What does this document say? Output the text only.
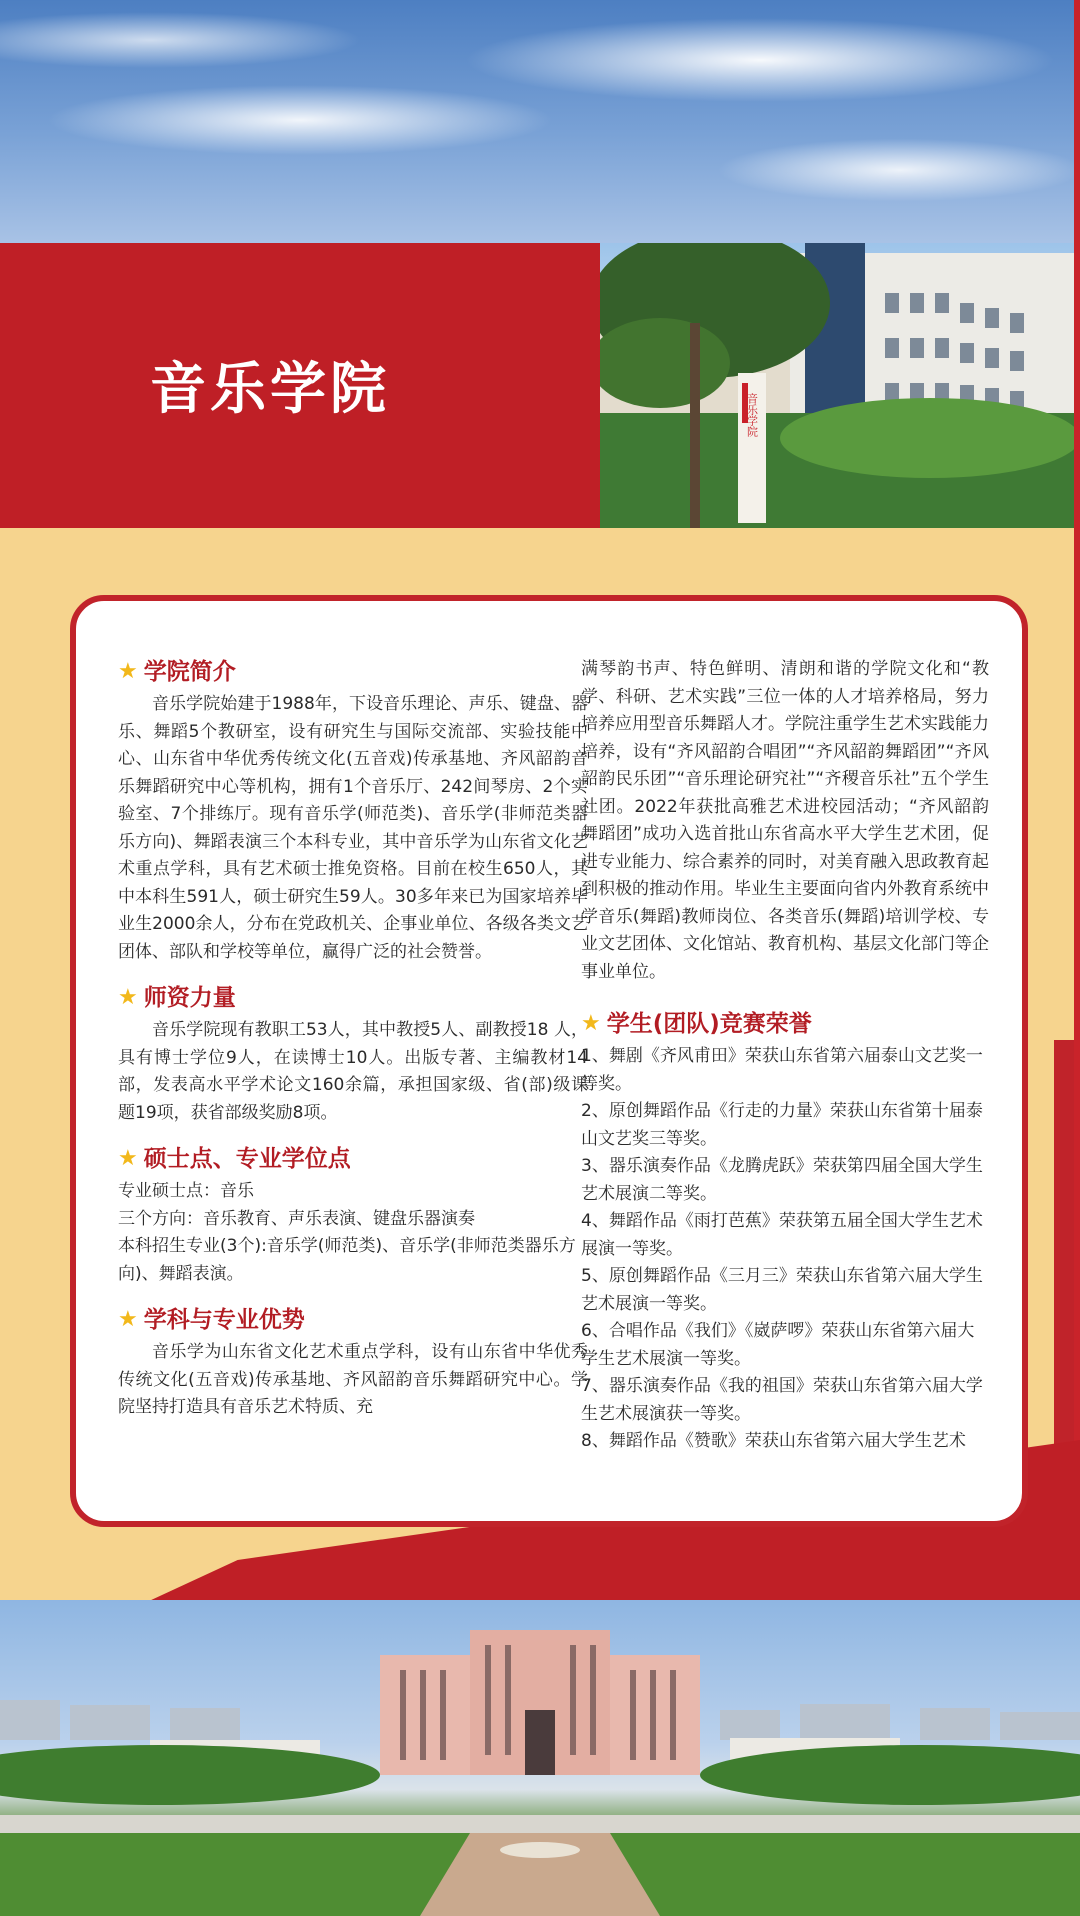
音乐学院	音乐学院
★ 学院简介

音乐学院始建于1988年，下设音乐理论、声乐、键盘、器乐、舞蹈5个教研室，设有研究生与国际交流部、实验技能中心、山东省中华优秀传统文化(五音戏)传承基地、齐风韶韵音乐舞蹈研究中心等机构，拥有1个音乐厅、242间琴房、2个实验室、7个排练厅。现有音乐学(师范类)、音乐学(非师范类器乐方向)、舞蹈表演三个本科专业，其中音乐学为山东省文化艺术重点学科，具有艺术硕士推免资格。目前在校生650人，其中本科生591人，硕士研究生59人。30多年来已为国家培养毕业生2000余人，分布在党政机关、企事业单位、各级各类文艺团体、部队和学校等单位，赢得广泛的社会赞誉。

★ 师资力量

音乐学院现有教职工53人，其中教授5人、副教授18 人，具有博士学位9人，在读博士10人。出版专著、主编教材14部，发表高水平学术论文160余篇，承担国家级、省(部)级课题19项，获省部级奖励8项。

★ 硕士点、专业学位点

专业硕士点：音乐

三个方向：音乐教育、声乐表演、键盘乐器演奏

本科招生专业(3个):音乐学(师范类)、音乐学(非师范类器乐方向)、舞蹈表演。

★ 学科与专业优势

音乐学为山东省文化艺术重点学科，设有山东省中华优秀传统文化(五音戏)传承基地、齐风韶韵音乐舞蹈研究中心。学院坚持打造具有音乐艺术特质、充

满琴韵书声、特色鲜明、清朗和谐的学院文化和“教学、科研、艺术实践”三位一体的人才培养格局，努力培养应用型音乐舞蹈人才。学院注重学生艺术实践能力培养，设有“齐风韶韵合唱团”“齐风韶韵舞蹈团”“齐风韶韵民乐团”“音乐理论研究社”“齐稷音乐社”五个学生社团。2022年获批高雅艺术进校园活动；“齐风韶韵舞蹈团”成功入选首批山东省高水平大学生艺术团，促进专业能力、综合素养的同时，对美育融入思政教育起到积极的推动作用。毕业生主要面向省内外教育系统中学音乐(舞蹈)教师岗位、各类音乐(舞蹈)培训学校、专业文艺团体、文化馆站、教育机构、基层文化部门等企事业单位。

★ 学生(团队)竞赛荣誉

1、舞剧《齐风甫田》荣获山东省第六届泰山文艺奖一等奖。

2、原创舞蹈作品《行走的力量》荣获山东省第十届泰山文艺奖三等奖。

3、器乐演奏作品《龙腾虎跃》荣获第四届全国大学生艺术展演二等奖。

4、舞蹈作品《雨打芭蕉》荣获第五届全国大学生艺术展演一等奖。

5、原创舞蹈作品《三月三》荣获山东省第六届大学生艺术展演一等奖。

6、合唱作品《我们》《崴萨啰》荣获山东省第六届大学生艺术展演一等奖。

7、器乐演奏作品《我的祖国》荣获山东省第六届大学生艺术展演获一等奖。

8、舞蹈作品《赞歌》荣获山东省第六届大学生艺术
